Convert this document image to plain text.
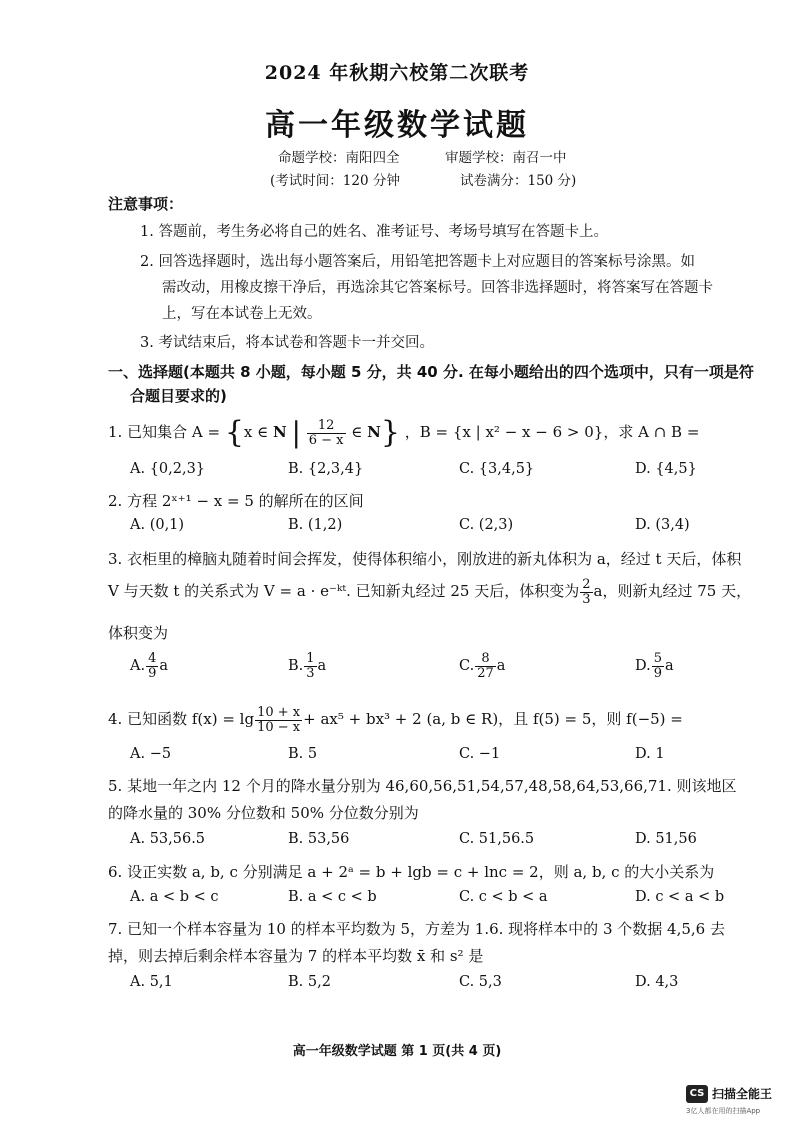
2024 年秋期六校第二次联考
高一年级数学试题
命题学校：南阳四全	审题学校：南召一中
(考试时间：120 分钟	试卷满分：150 分)
注意事项：
1. 答题前，考生务必将自己的姓名、准考证号、考场号填写在答题卡上。
2. 回答选择题时，选出每小题答案后，用铅笔把答题卡上对应题目的答案标号涂黑。如
需改动，用橡皮擦干净后，再选涂其它答案标号。回答非选择题时，将答案写在答题卡
上，写在本试卷上无效。
3. 考试结束后，将本试卷和答题卡一并交回。
一、选择题(本题共 8 小题，每小题 5 分，共 40 分. 在每小题给出的四个选项中，只有一项是符
合题目要求的)
1. 已知集合 A = {x ∈ N | $\frac{12}{6 - x}$ ∈ N} ，B = {x | x² − x − 6 > 0}，求 A ∩ B =
A. {0,2,3}	B. {2,3,4}	C. {3,4,5}	D. {4,5}
2. 方程 2ˣ⁺¹ − x = 5 的解所在的区间
A. (0,1)	B. (1,2)	C. (2,3)	D. (3,4)
3. 衣柜里的樟脑丸随着时间会挥发，使得体积缩小，刚放进的新丸体积为 a，经过 t 天后，体积
V 与天数 t 的关系式为 V = a · e⁻ᵏᵗ. 已知新丸经过 25 天后，体积变为 $\frac{2}{3}$ a，则新丸经过 75 天，
体积变为
A. $\frac{4}{9}$ a	B. $\frac{1}{3}$ a	C. $\frac{8}{27}$ a	D. $\frac{5}{9}$ a
4. 已知函数 $f(x) = \lg \frac{10 + x}{10 - x} + ax^5 + bx^3 + 2$ (a, b ∈ R)，且 f(5) = 5，则 f(−5) =
A. −5	B. 5	C. −1	D. 1
5. 某地一年之内 12 个月的降水量分别为 46,60,56,51,54,57,48,58,64,53,66,71. 则该地区
的降水量的 30% 分位数和 50% 分位数分别为
A. 53,56.5	B. 53,56	C. 51,56.5	D. 51,56
6. 设正实数 a, b, c 分别满足 a + 2ᵃ = b + lgb = c + lnc = 2，则 a, b, c 的大小关系为
A. a < b < c	B. a < c < b	C. c < b < a	D. c < a < b
7. 已知一个样本容量为 10 的样本平均数为 5，方差为 1.6. 现将样本中的 3 个数据 4,5,6 去
掉，则去掉后剩余样本容量为 7 的样本平均数 x̄ 和 s² 是
A. 5,1	B. 5,2	C. 5,3	D. 4,3
高一年级数学试题 第 1 页(共 4 页)
CS 扫描全能王
3亿人都在用的扫描App
